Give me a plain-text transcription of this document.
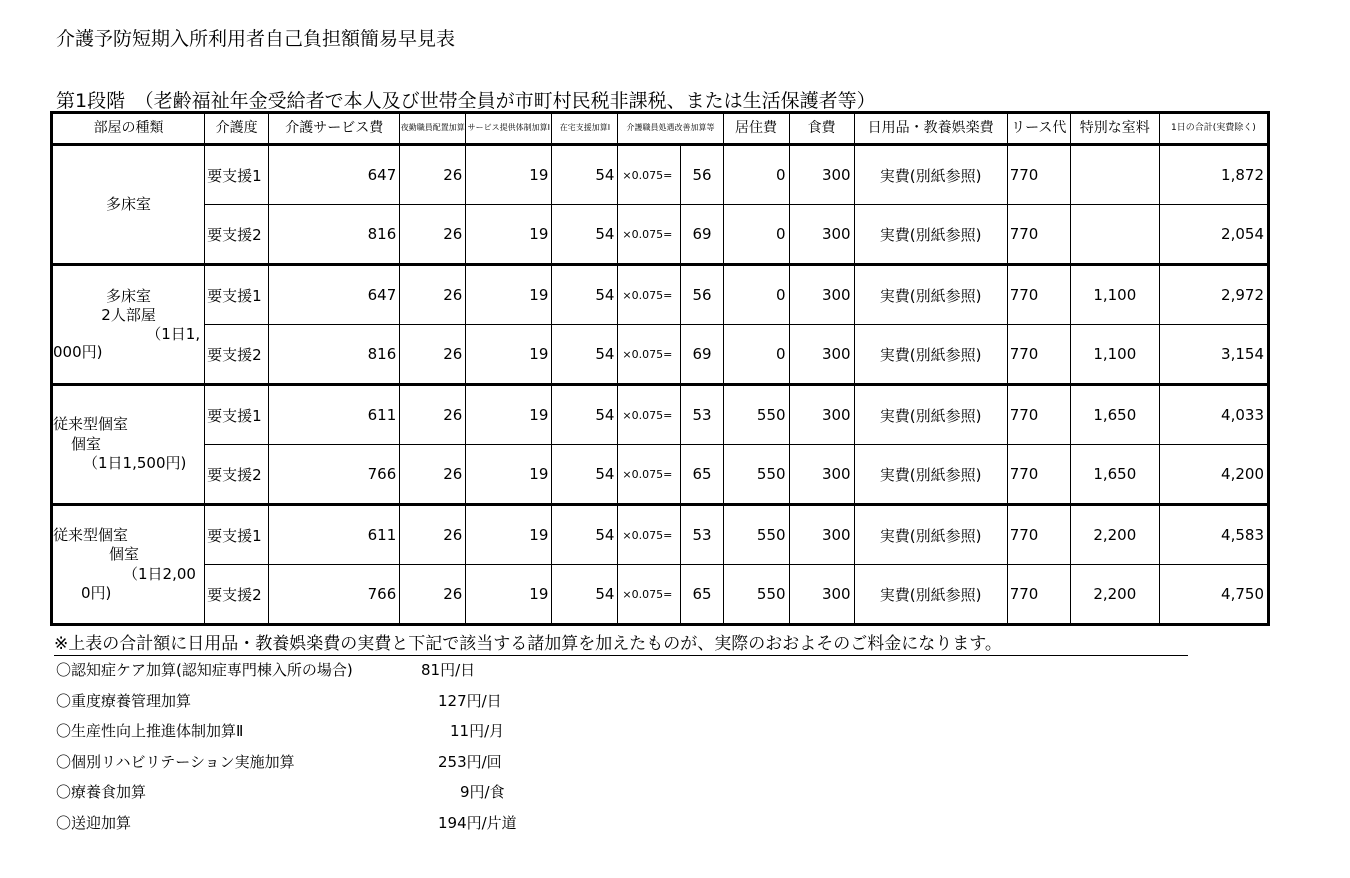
介護予防短期入所利用者自己負担額簡易早見表
第1段階　（老齢福祉年金受給者で本人及び世帯全員が市町村民税非課税、または生活保護者等）
部屋の種類	介護度	介護サービス費	夜勤職員配置加算	サービス提供体制加算Ⅰ	在宅支援加算Ⅰ	介護職員処遇改善加算等		居住費	食費	日用品・教養娯楽費	リース代	特別な室料	1日の合計(実費除く)

多床室	要支援1	647	26	19	54	×0.075=	56	0	300	実費(別紙参照)	770		1,872
	要支援2	816	26	19	54	×0.075=	69	0	300	実費(別紙参照)	770		2,054

多床室
2人部屋
（1日1,
000円)	要支援1	647	26	19	54	×0.075=	56	0	300	実費(別紙参照)	770	1,100	2,972
	要支援2	816	26	19	54	×0.075=	69	0	300	実費(別紙参照)	770	1,100	3,154

従来型個室
個室
（1日1,500円)	要支援1	611	26	19	54	×0.075=	53	550	300	実費(別紙参照)	770	1,650	4,033
	要支援2	766	26	19	54	×0.075=	65	550	300	実費(別紙参照)	770	1,650	4,200

従来型個室
個室
（1日2,00
0円)	要支援1	611	26	19	54	×0.075=	53	550	300	実費(別紙参照)	770	2,200	4,583
	要支援2	766	26	19	54	×0.075=	65	550	300	実費(別紙参照)	770	2,200	4,750
※上表の合計額に日用品・教養娯楽費の実費と下記で該当する諸加算を加えたものが、実際のおおよそのご料金になります。
〇認知症ケア加算(認知症専門棟入所の場合)	81円/日
〇重度療養管理加算	127円/日
〇生産性向上推進体制加算Ⅱ	11円/月
〇個別リハビリテーション実施加算	253円/回
〇療養食加算	9円/食
〇送迎加算	194円/片道
